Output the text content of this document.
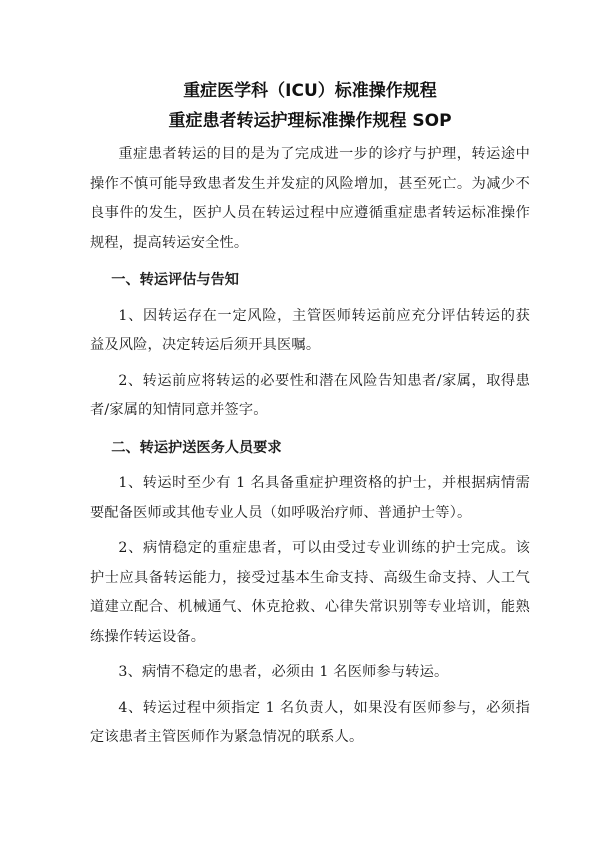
重症医学科（ICU）标准操作规程
重症患者转运护理标准操作规程 SOP

重症患者转运的目的是为了完成进一步的诊疗与护理，转运途中操作不慎可能导致患者发生并发症的风险增加，甚至死亡。为减少不良事件的发生，医护人员在转运过程中应遵循重症患者转运标准操作规程，提高转运安全性。

一、转运评估与告知

1、因转运存在一定风险，主管医师转运前应充分评估转运的获益及风险，决定转运后须开具医嘱。

2、转运前应将转运的必要性和潜在风险告知患者/家属，取得患者/家属的知情同意并签字。

二、转运护送医务人员要求

1、转运时至少有 1 名具备重症护理资格的护士，并根据病情需要配备医师或其他专业人员（如呼吸治疗师、普通护士等）。

2、病情稳定的重症患者，可以由受过专业训练的护士完成。该护士应具备转运能力，接受过基本生命支持、高级生命支持、人工气道建立配合、机械通气、休克抢救、心律失常识别等专业培训，能熟练操作转运设备。

3、病情不稳定的患者，必须由 1 名医师参与转运。

4、转运过程中须指定 1 名负责人，如果没有医师参与，必须指定该患者主管医师作为紧急情况的联系人。
